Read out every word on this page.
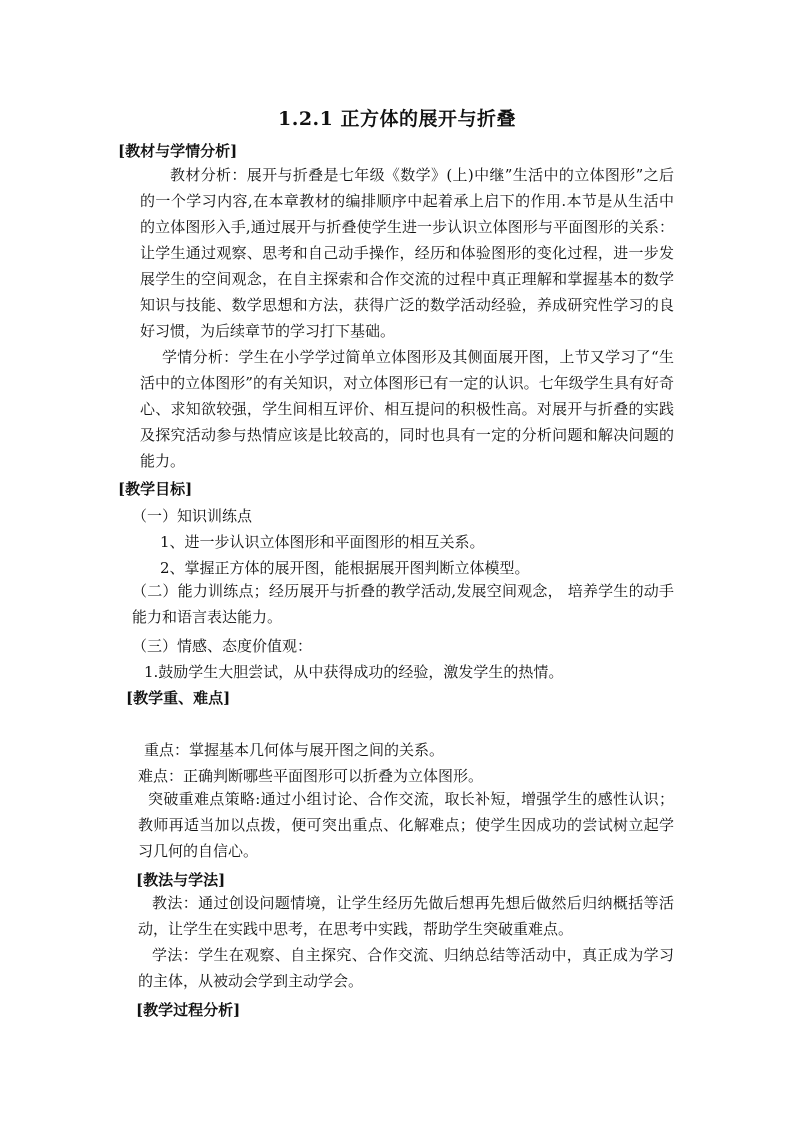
1.2.1 正方体的展开与折叠
[教材与学情分析]
教材分析：展开与折叠是七年级《数学》(上)中继”生活中的立体图形”之后的一个学习内容,在本章教材的编排顺序中起着承上启下的作用.本节是从生活中的立体图形入手,通过展开与折叠使学生进一步认识立体图形与平面图形的关系：让学生通过观察、思考和自己动手操作，经历和体验图形的变化过程，进一步发展学生的空间观念，在自主探索和合作交流的过程中真正理解和掌握基本的数学知识与技能、数学思想和方法，获得广泛的数学活动经验，养成研究性学习的良好习惯，为后续章节的学习打下基础。
学情分析：学生在小学学过简单立体图形及其侧面展开图，上节又学习了“生活中的立体图形”的有关知识，对立体图形已有一定的认识。七年级学生具有好奇心、求知欲较强，学生间相互评价、相互提问的积极性高。对展开与折叠的实践及探究活动参与热情应该是比较高的，同时也具有一定的分析问题和解决问题的能力。
[教学目标]
（一）知识训练点
1、进一步认识立体图形和平面图形的相互关系。
2、掌握正方体的展开图，能根据展开图判断立体模型。
（二）能力训练点；经历展开与折叠的教学活动,发展空间观念， 培养学生的动手能力和语言表达能力。
（三）情感、态度价值观：
1.鼓励学生大胆尝试，从中获得成功的经验，激发学生的热情。
[教学重、难点]
重点：掌握基本几何体与展开图之间的关系。
难点：正确判断哪些平面图形可以折叠为立体图形。
突破重难点策略:通过小组讨论、合作交流，取长补短，增强学生的感性认识；教师再适当加以点拨，便可突出重点、化解难点；使学生因成功的尝试树立起学习几何的自信心。
[教法与学法]
教法：通过创设问题情境，让学生经历先做后想再先想后做然后归纳概括等活动，让学生在实践中思考，在思考中实践，帮助学生突破重难点。
学法：学生在观察、自主探究、合作交流、归纳总结等活动中，真正成为学习的主体，从被动会学到主动学会。
[教学过程分析]
